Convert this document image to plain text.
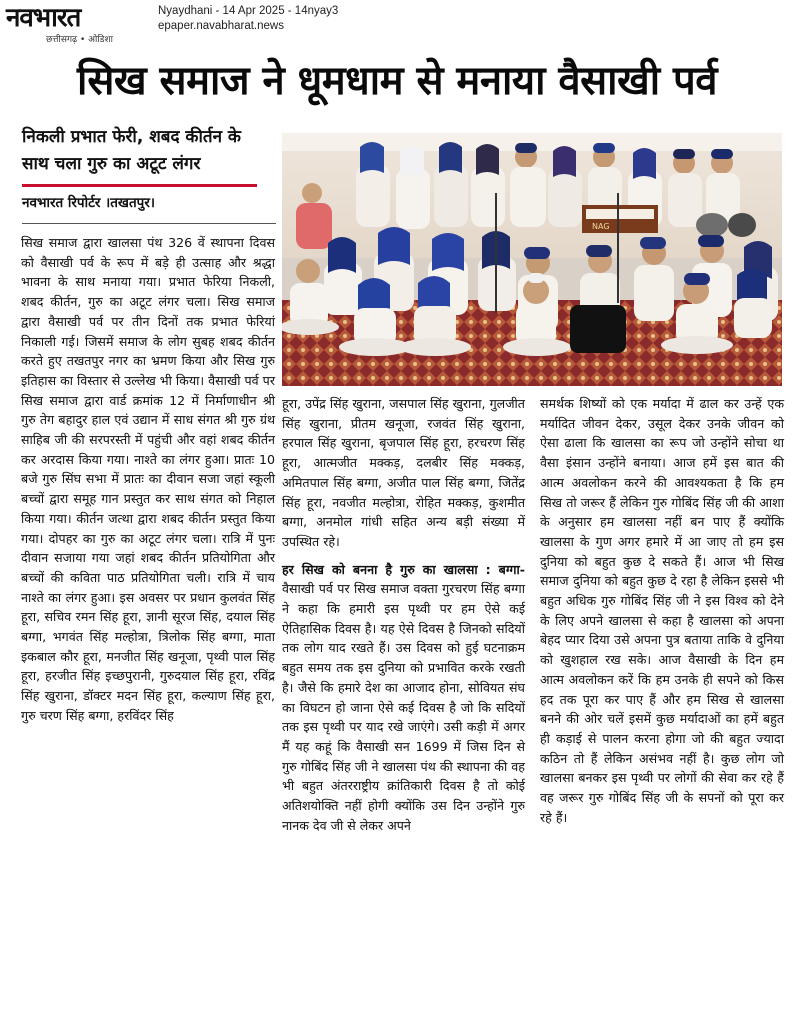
नवभारत
छत्तीसगढ़ • ओडिशा
Nyaydhani - 14 Apr 2025 - 14nyay3
epaper.navabharat.news
सिख समाज ने धूमधाम से मनाया वैसाखी पर्व
निकली प्रभात फेरी, शबद कीर्तन के साथ चला गुरु का अटूट लंगर
नवभारत रिपोर्टर ।तखतपुर।
NAG

सिख समाज द्वारा खालसा पंथ 326 वें स्थापना दिवस को वैसाखी पर्व के रूप में बड़े ही उत्साह और श्रद्धा भावना के साथ मनाया गया। प्रभात फेरिया निकली, शबद कीर्तन, गुरु का अटूट लंगर चला। सिख समाज द्वारा वैसाखी पर्व पर तीन दिनों तक प्रभात फेरियां निकाली गई। जिसमें समाज के लोग सुबह शबद कीर्तन करते हुए तखतपुर नगर का भ्रमण किया और सिख गुरु इतिहास का विस्तार से उल्लेख भी किया। वैसाखी पर्व पर सिख समाज द्वारा वार्ड क्रमांक 12 में निर्माणाधीन श्री गुरु तेग बहादुर हाल एवं उद्यान में साध संगत श्री गुरु ग्रंथ साहिब जी की सरपरस्ती में पहुंची और वहां शबद कीर्तन कर अरदास किया गया। नाश्ते का लंगर हुआ। प्रातः 10 बजे गुरु सिंघ सभा में प्रातः का दीवान सजा जहां स्कूली बच्चों द्वारा समूह गान प्रस्तुत कर साथ संगत को निहाल किया गया। कीर्तन जत्था द्वारा शबद कीर्तन प्रस्तुत किया गया। दोपहर का गुरु का अटूट लंगर चला। रात्रि में पुनः दीवान सजाया गया जहां शबद कीर्तन प्रतियोगिता और बच्चों की कविता पाठ प्रतियोगिता चली। रात्रि में चाय नाश्ते का लंगर हुआ। इस अवसर पर प्रधान कुलवंत सिंह हूरा, सचिव रमन सिंह हूरा, ज्ञानी सूरज सिंह, दयाल सिंह बग्गा, भगवंत सिंह मल्होत्रा, त्रिलोक सिंह बग्गा, माता इकबाल कौर हूरा, मनजीत सिंह खनूजा, पृथ्वी पाल सिंह हूरा, हरजीत सिंह इच्छपुरानी, गुरुदयाल सिंह हूरा, रविंद्र सिंह खुराना, डॉक्टर मदन सिंह हूरा, कल्याण सिंह हूरा, गुरु चरण सिंह बग्गा, हरविंदर सिंह

हूरा, उपेंद्र सिंह खुराना, जसपाल सिंह खुराना, गुलजीत सिंह खुराना, प्रीतम खनूजा, रजवंत सिंह खुराना, हरपाल सिंह खुराना, बृजपाल सिंह हूरा, हरचरण सिंह हूरा, आत्मजीत मक्कड़, दलबीर सिंह मक्कड़, अमितपाल सिंह बग्गा, अजीत पाल सिंह बग्गा, जितेंद्र सिंह हूरा, नवजीत मल्होत्रा, रोहित मक्कड़, कुशमीत बग्गा, अनमोल गांधी सहित अन्य बड़ी संख्या में उपस्थित रहे।

हर सिख को बनना है गुरु का खालसा : बग्गा- वैसाखी पर्व पर सिख समाज वक्ता गुरचरण सिंह बग्गा ने कहा कि हमारी इस पृथ्वी पर हम ऐसे कई ऐतिहासिक दिवस है। यह ऐसे दिवस है जिनको सदियों तक लोग याद रखते हैं। उस दिवस को हुई घटनाक्रम बहुत समय तक इस दुनिया को प्रभावित करके रखती है। जैसे कि हमारे देश का आजाद होना, सोवियत संघ का विघटन हो जाना ऐसे कई दिवस है जो कि सदियों तक इस पृथ्वी पर याद रखे जाएंगे। उसी कड़ी में अगर मैं यह कहूं कि वैसाखी सन 1699 में जिस दिन से गुरु गोबिंद सिंह जी ने खालसा पंथ की स्थापना की वह भी बहुत अंतरराष्ट्रीय क्रांतिकारी दिवस है तो कोई अतिशयोक्ति नहीं होगी क्योंकि उस दिन उन्होंने गुरु नानक देव जी से लेकर अपने

समर्थक शिष्यों को एक मर्यादा में ढाल कर उन्हें एक मर्यादित जीवन देकर, उसूल देकर उनके जीवन को ऐसा ढाला कि खालसा का रूप जो उन्होंने सोचा था वैसा इंसान उन्होंने बनाया। आज हमें इस बात की आत्म अवलोकन करने की आवश्यकता है कि हम सिख तो जरूर हैं लेकिन गुरु गोबिंद सिंह जी की आशा के अनुसार हम खालसा नहीं बन पाए हैं क्योंकि खालसा के गुण अगर हमारे में आ जाए तो हम इस दुनिया को बहुत कुछ दे सकते हैं। आज भी सिख समाज दुनिया को बहुत कुछ दे रहा है लेकिन इससे भी बहुत अधिक गुरु गोबिंद सिंह जी ने इस विश्व को देने के लिए अपने खालसा से कहा है खालसा को अपना बेहद प्यार दिया उसे अपना पुत्र बताया ताकि वे दुनिया को खुशहाल रख सके। आज वैसाखी के दिन हम आत्म अवलोकन करें कि हम उनके ही सपने को किस हद तक पूरा कर पाए हैं और हम सिख से खालसा बनने की ओर चलें इसमें कुछ मर्यादाओं का हमें बहुत ही कड़ाई से पालन करना होगा जो की बहुत ज्यादा कठिन तो हैं लेकिन असंभव नहीं है। कुछ लोग जो खालसा बनकर इस पृथ्वी पर लोगों की सेवा कर रहे हैं वह जरूर गुरु गोबिंद सिंह जी के सपनों को पूरा कर रहे हैं।
